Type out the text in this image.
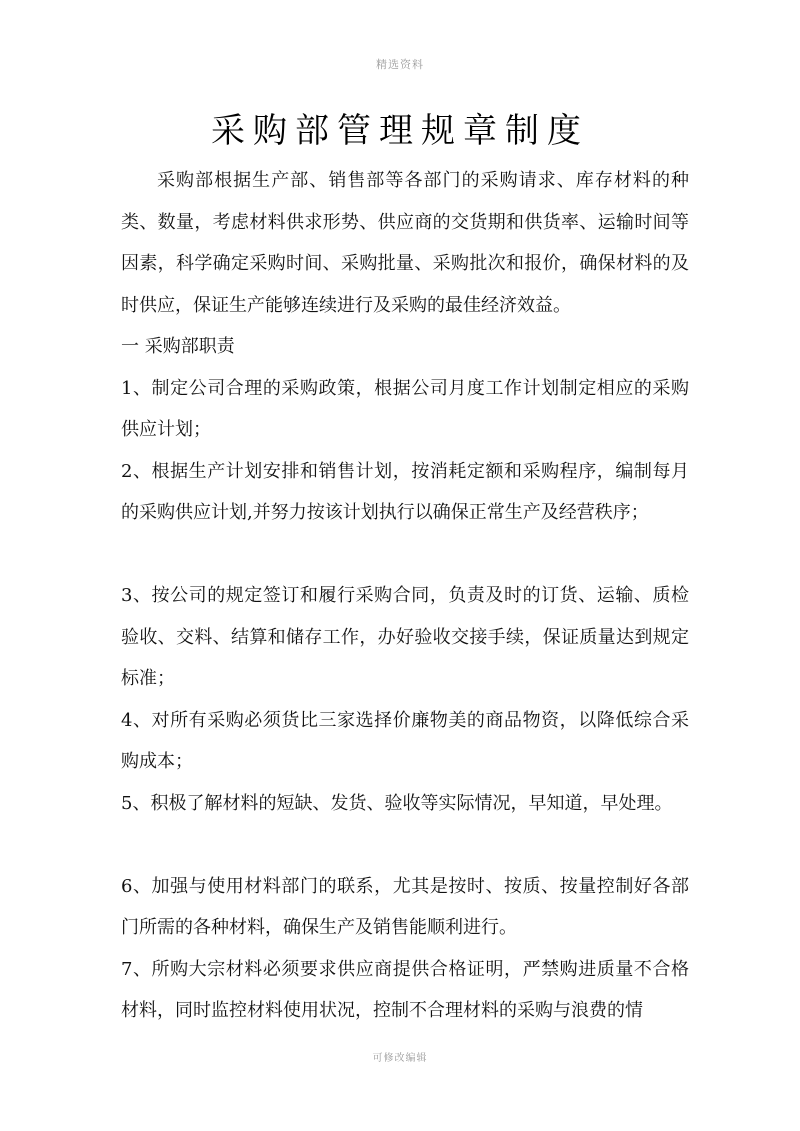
精选资料
采购部管理规章制度

采购部根据生产部、销售部等各部门的采购请求、库存材料的种类、数量，考虑材料供求形势、供应商的交货期和供货率、运输时间等因素，科学确定采购时间、采购批量、采购批次和报价，确保材料的及时供应，保证生产能够连续进行及采购的最佳经济效益。

一 采购部职责

1、制定公司合理的采购政策，根据公司月度工作计划制定相应的采购供应计划；

2、根据生产计划安排和销售计划，按消耗定额和采购程序，编制每月的采购供应计划,并努力按该计划执行以确保正常生产及经营秩序；

3、按公司的规定签订和履行采购合同，负责及时的订货、运输、质检验收、交料、结算和储存工作，办好验收交接手续，保证质量达到规定标准；

4、对所有采购必须货比三家选择价廉物美的商品物资，以降低综合采购成本；

5、积极了解材料的短缺、发货、验收等实际情况，早知道，早处理。

6、加强与使用材料部门的联系，尤其是按时、按质、按量控制好各部门所需的各种材料，确保生产及销售能顺利进行。

7、所购大宗材料必须要求供应商提供合格证明，严禁购进质量不合格材料，同时监控材料使用状况，控制不合理材料的采购与浪费的情

可修改编辑
